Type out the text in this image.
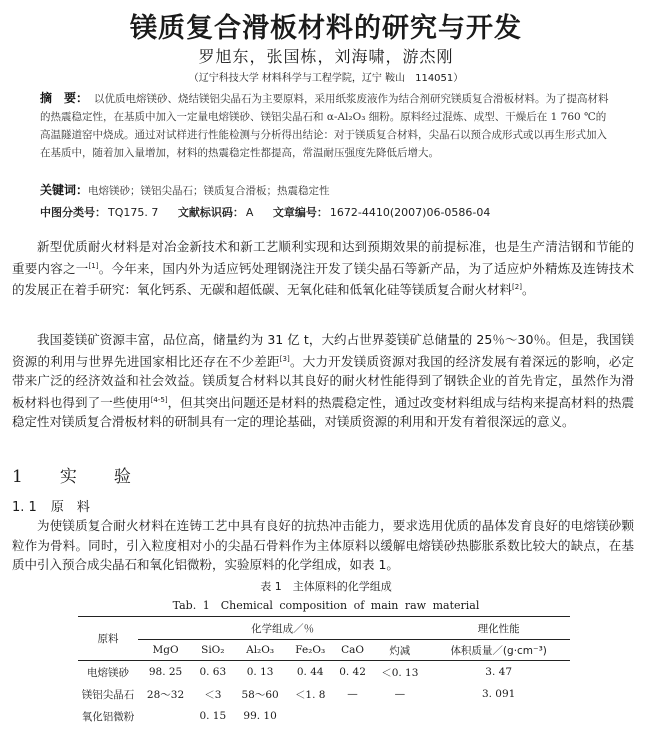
镁质复合滑板材料的研究与开发
罗旭东，张国栋，刘海啸，游杰刚
（辽宁科技大学 材料科学与工程学院，辽宁 鞍山　114051）
摘　要： 以优质电熔镁砂、烧结镁铝尖晶石为主要原料，采用纸浆废液作为结合剂研究镁质复合滑板材料。为了提高材料的热震稳定性，在基质中加入一定量电熔镁砂、镁铝尖晶石和 α-Al₂O₃ 细粉。原料经过混炼、成型、干燥后在 1 760 ℃的高温隧道窑中烧成。通过对试样进行性能检测与分析得出结论：对于镁质复合材料，尖晶石以预合成形式或以再生形式加入在基质中，随着加入量增加，材料的热震稳定性都提高，常温耐压强度先降低后增大。
关键词：电熔镁砂；镁铝尖晶石；镁质复合滑板；热震稳定性
中图分类号： TQ175. 7 文献标识码： A 文章编号： 1672-4410(2007)06-0586-04

新型优质耐火材料是对冶金新技术和新工艺顺利实现和达到预期效果的前提标准，也是生产清洁钢和节能的重要内容之一[1]。今年来，国内外为适应钙处理钢浇注开发了镁尖晶石等新产品，为了适应炉外精炼及连铸技术的发展正在着手研究：氧化钙系、无碳和超低碳、无氧化硅和低氧化硅等镁质复合耐火材料[2]。

我国菱镁矿资源丰富，品位高，储量约为 31 亿 t，大约占世界菱镁矿总储量的 25％～30％。但是，我国镁资源的利用与世界先进国家相比还存在不少差距[3]。大力开发镁质资源对我国的经济发展有着深远的影响，必定带来广泛的经济效益和社会效益。镁质复合材料以其良好的耐火材性能得到了钢铁企业的首先肯定，虽然作为滑板材料也得到了一些使用[4-5]，但其突出问题还是材料的热震稳定性，通过改变材料组成与结构来提高材料的热震稳定性对镁质复合滑板材料的研制具有一定的理论基础，对镁质资源的利用和开发有着很深远的意义。

1　实　验
1. 1 原　料

为使镁质复合耐火材料在连铸工艺中具有良好的抗热冲击能力，要求选用优质的晶体发育良好的电熔镁砂颗粒作为骨料。同时，引入粒度相对小的尖晶石骨料作为主体原料以缓解电熔镁砂热膨胀系数比较大的缺点，在基质中引入预合成尖晶石和氧化铝微粉，实验原料的化学组成，如表 1。

表 1　主体原料的化学组成
Tab. 1　Chemical composition of main raw material
原料	化学组成／％						理化性能
	MgO	SiO₂	Al₂O₃	Fe₂O₃	CaO	灼减	体积质量／(g·cm⁻³)
电熔镁砂	98. 25	0. 63	0. 13	0. 44	0. 42	＜0. 13	3. 47
镁铝尖晶石	28～32	＜3	58～60	＜1. 8	—	—	3. 091
氧化铝微粉		0. 15	99. 10				
